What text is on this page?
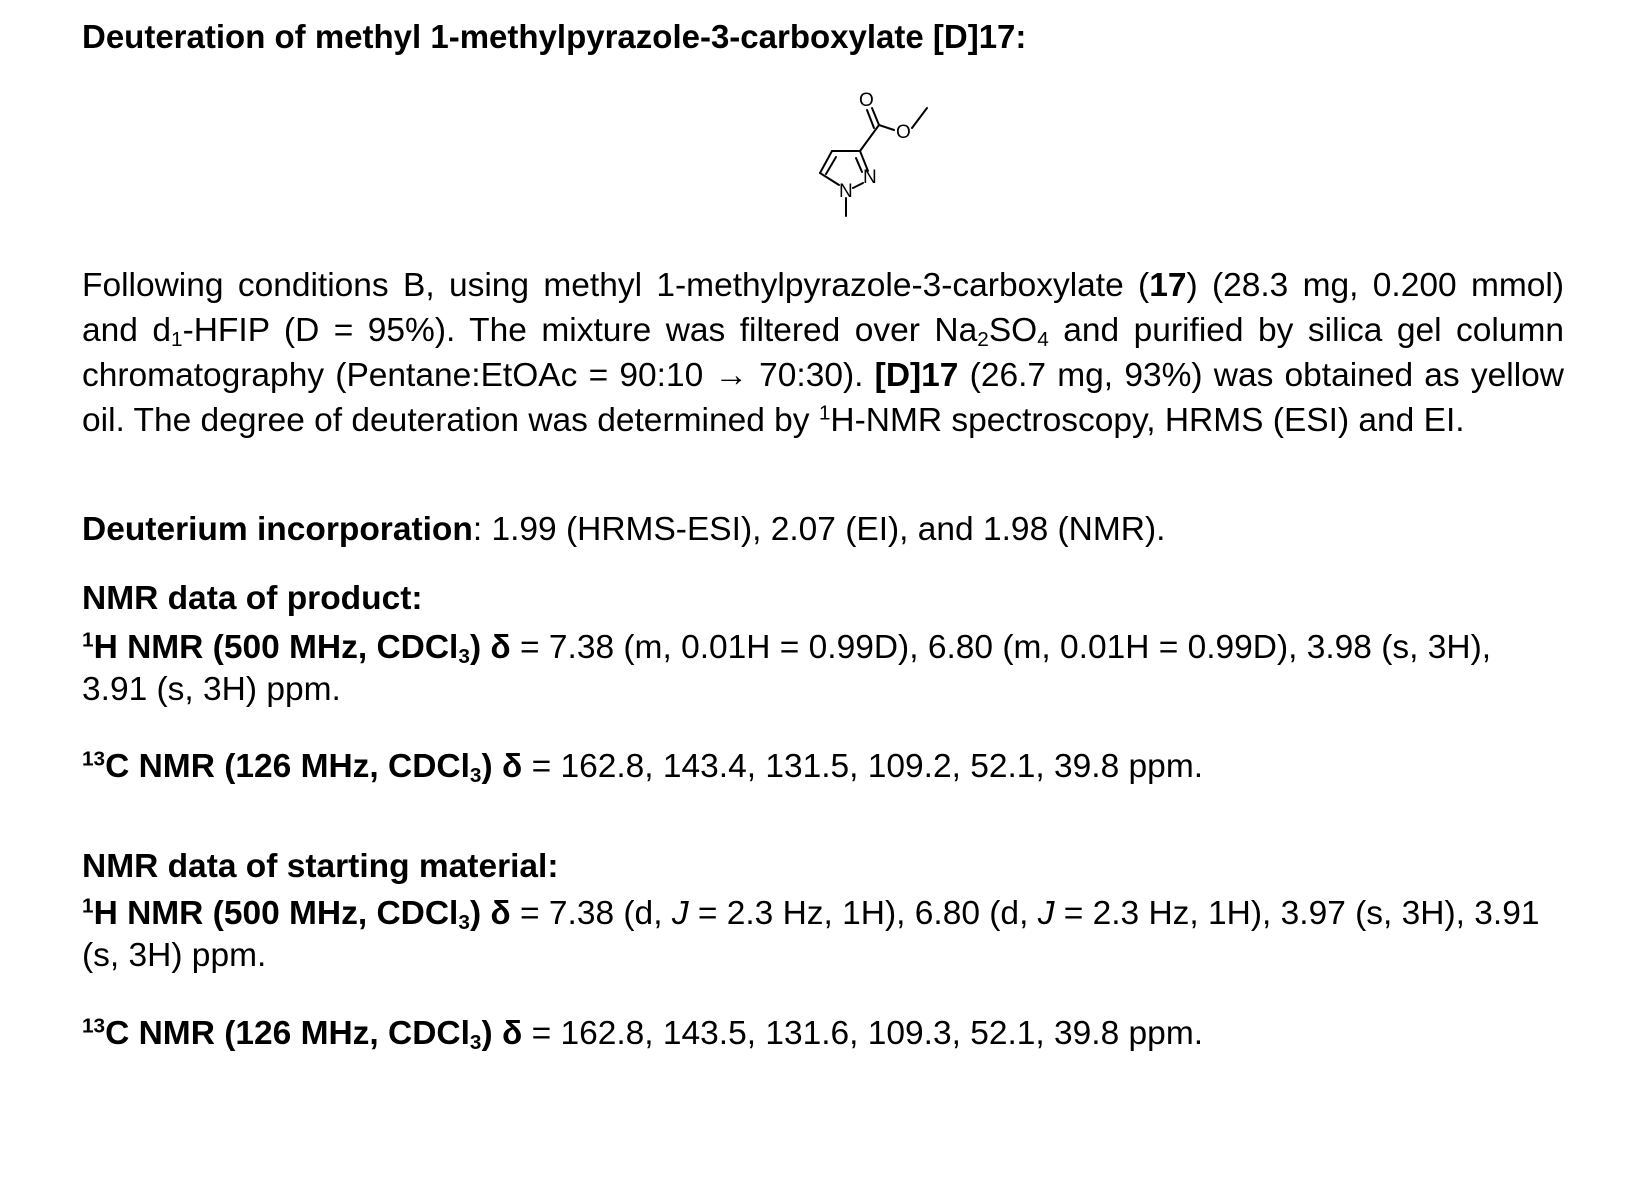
Deuteration of methyl 1-methylpyrazole-3-carboxylate [D]17:
O
O
N
N
Following conditions B, using methyl 1-methylpyrazole-3-carboxylate (17) (28.3 mg, 0.200 mmol) and $d_1$-HFIP (D = 95%). The mixture was filtered over $Na_2SO_4$ and purified by silica gel column chromatography (Pentane:EtOAc = 90:10 → 70:30). [D]17 (26.7 mg, 93%) was obtained as yellow oil. The degree of deuteration was determined by $^1$H-NMR spectroscopy, HRMS (ESI) and EI.
Deuterium incorporation: 1.99 (HRMS-ESI), 2.07 (EI), and 1.98 (NMR).
NMR data of product:
$^1$H NMR (500 MHz, CDCl$_3$) δ = 7.38 (m, 0.01H = 0.99D), 6.80 (m, 0.01H = 0.99D), 3.98 (s, 3H), 3.91 (s, 3H) ppm.
$^{13}$C NMR (126 MHz, CDCl$_3$) δ = 162.8, 143.4, 131.5, 109.2, 52.1, 39.8 ppm.
NMR data of starting material:
$^1$H NMR (500 MHz, CDCl$_3$) δ = 7.38 (d, J = 2.3 Hz, 1H), 6.80 (d, J = 2.3 Hz, 1H), 3.97 (s, 3H), 3.91 (s, 3H) ppm.
$^{13}$C NMR (126 MHz, CDCl$_3$) δ = 162.8, 143.5, 131.6, 109.3, 52.1, 39.8 ppm.
